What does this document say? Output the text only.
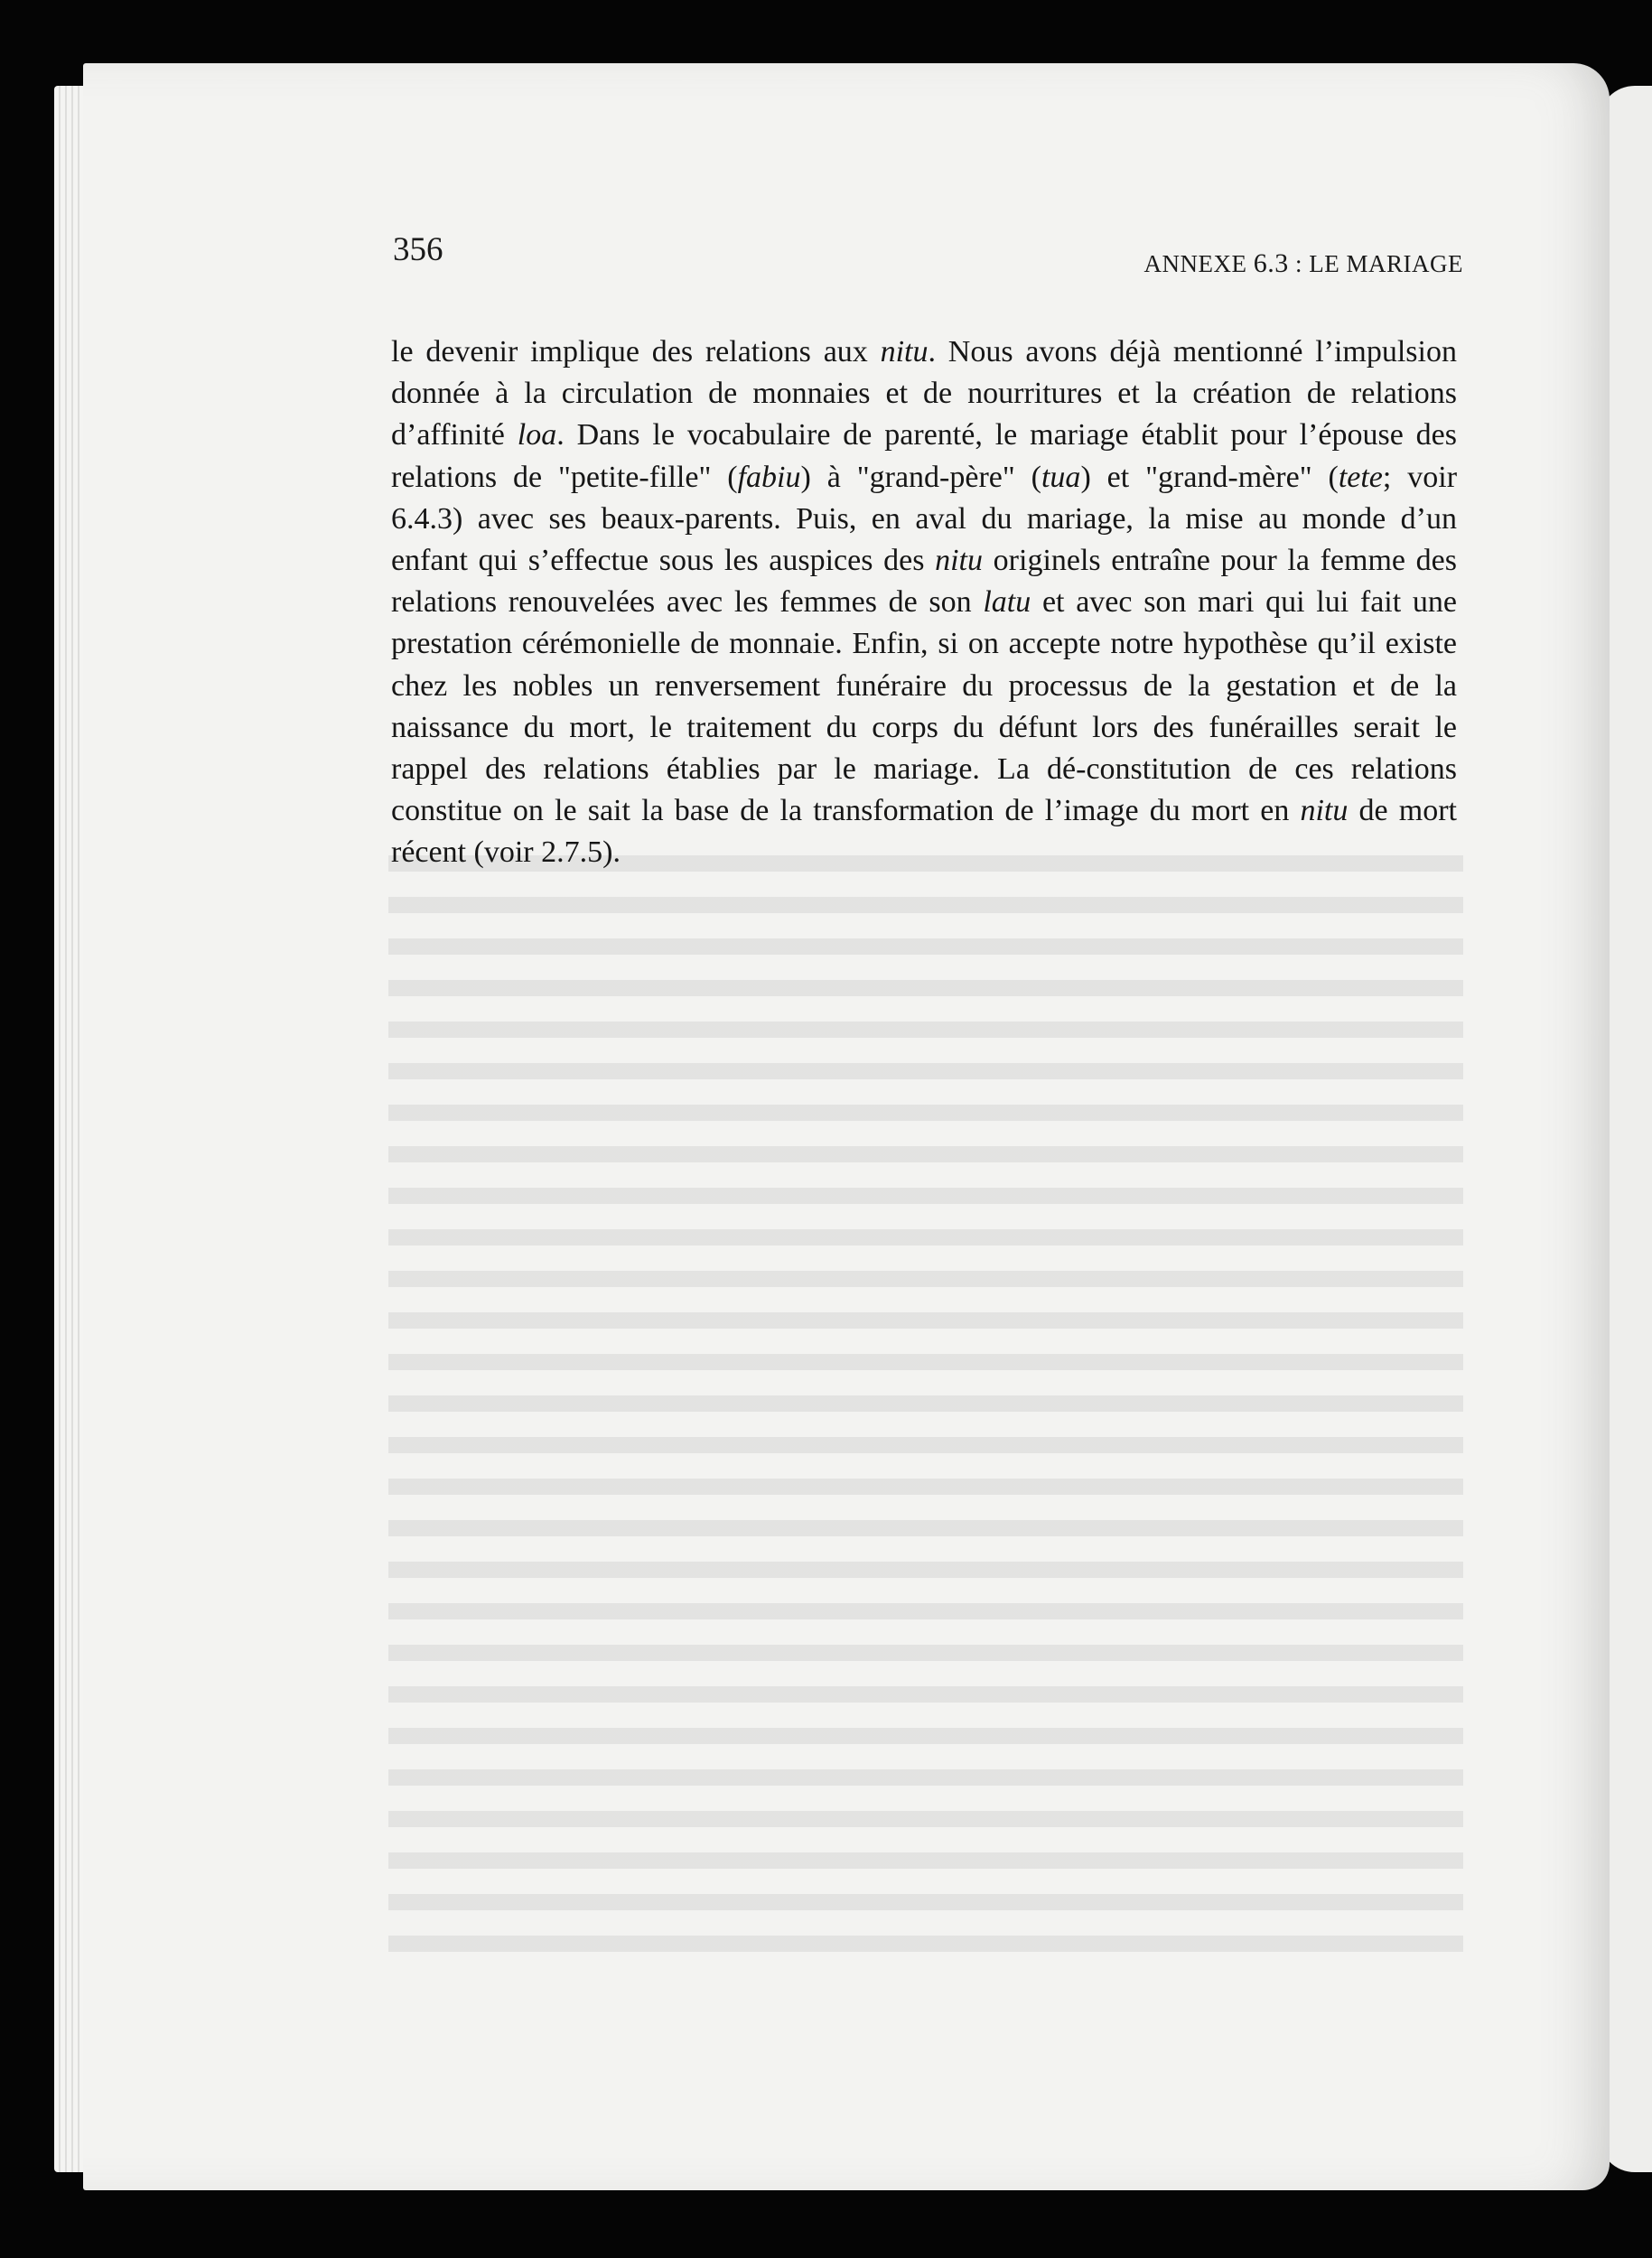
356	ANNEXE 6.3 : LE MARIAGE
le devenir implique des relations aux nitu. Nous avons déjà mentionné l’impulsion
donnée à la circulation de monnaies et de nourritures et la création de relations
d’affinité loa. Dans le vocabulaire de parenté, le mariage établit pour l’épouse des
relations de "petite-fille" (fabiu) à "grand-père" (tua) et "grand-mère" (tete; voir
6.4.3) avec ses beaux-parents. Puis, en aval du mariage, la mise au monde d’un
enfant qui s’effectue sous les auspices des nitu originels entraîne pour la femme des
relations renouvelées avec les femmes de son latu et avec son mari qui lui fait une
prestation cérémonielle de monnaie. Enfin, si on accepte notre hypothèse qu’il existe
chez les nobles un renversement funéraire du processus de la gestation et de la
naissance du mort, le traitement du corps du défunt lors des funérailles serait le
rappel des relations établies par le mariage. La dé-constitution de ces relations
constitue on le sait la base de la transformation de l’image du mort en nitu de mort
récent (voir 2.7.5).
